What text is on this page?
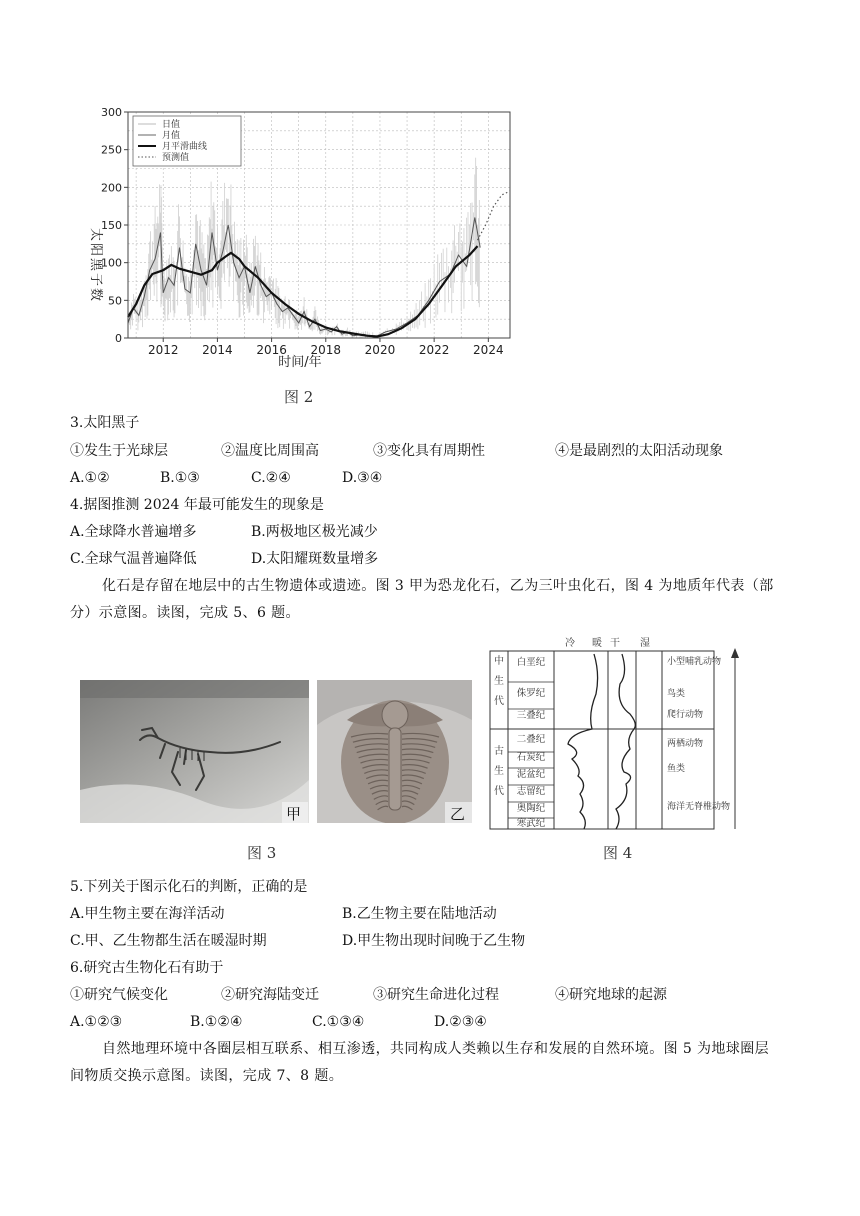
2012 2014 2016 2018 2020 2022 2024
0
50
100
150
200
250
300
太阳黑子数
时间/年
日值
月值
月平滑曲线
预测值
图 2
3.太阳黑子
①发生于光球层	②温度比周围高	③变化具有周期性	④是最剧烈的太阳活动现象
A.①②	B.①③	C.②④	D.③④
4.据图推测 2024 年最可能发生的现象是
A.全球降水普遍增多	B.两极地区极光减少
C.全球气温普遍降低	D.太阳耀斑数量增多
化石是存留在地层中的古生物遗体或遗迹。图 3 甲为恐龙化石，乙为三叶虫化石，图 4 为地质年代表（部分）示意图。读图，完成 5、6 题。
甲	乙
图 3
冷 暖 干 湿
中
生
代
古
生
代
白垩纪
侏罗纪
三叠纪
二叠纪
石炭纪
泥盆纪
志留纪
奥陶纪
寒武纪
小型哺乳动物
鸟类
爬行动物
两栖动物
鱼类
海洋无脊椎动物
图 4
5.下列关于图示化石的判断，正确的是
A.甲生物主要在海洋活动	B.乙生物主要在陆地活动
C.甲、乙生物都生活在暖湿时期	D.甲生物出现时间晚于乙生物
6.研究古生物化石有助于
①研究气候变化	②研究海陆变迁	③研究生命进化过程	④研究地球的起源
A.①②③	B.①②④	C.①③④	D.②③④
自然地理环境中各圈层相互联系、相互渗透，共同构成人类赖以生存和发展的自然环境。图 5 为地球圈层间物质交换示意图。读图，完成 7、8 题。
